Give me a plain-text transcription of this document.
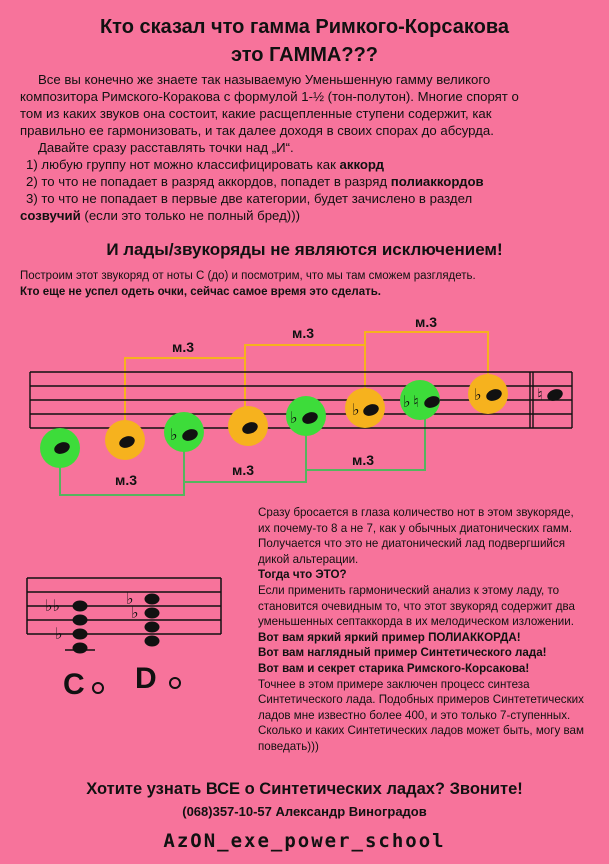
Кто сказал что гамма Римкого-Корсакова
это ГАММА???
Все вы конечно же знаете так называемую Уменьшенную гамму великого
композитора Римского-Коракова с формулой 1-½ (тон-полутон). Многие спорят о
том из каких звуков она состоит, какие расщепленные ступени содержит, как
правильно ее гармонизовать, и так далее доходя в своих спорах до абсурда.
Давайте сразу расставлять точки над „И“.
1) любую группу нот можно классифицировать как аккорд
2) то что не попадает в разряд аккордов, попадет в разряд полиаккордов
3) то что не попадает в первые две категории, будет зачислено в раздел
созвучий (если это только не полный бред)))
И лады/звукоряды не являются исключением!
Построим этот звукоряд от ноты С (до) и посмотрим, что мы там сможем разглядеть.
Кто еще не успел одеть очки, сейчас самое время это сделать.
♭
♭	♭	♭ ♮	♭	♮
м.3
м.3
м.3
м.3
м.3
м.3
♭♭
♭
♭
♭
C D

Сразу бросается в глаза количество нот в этом звукоряде, их почему-то 8 а не 7, как у обычных диатонических гамм. Получается что это не диатонический лад подвергшийся дикой альтерации.

Тогда что ЭТО?

Если применить гармонический анализ к этому ладу, то становится очевидным то, что этот звукоряд содержит два уменьшенных септаккорда в их мелодическом изложении.

Вот вам яркий яркий пример ПОЛИАККОРДА!

Вот вам наглядный пример Синтетического лада!

Вот вам и секрет старика Римского-Корсакова!

Точнее в этом примере заключен процесс синтеза Синтетического лада. Подобных примеров Синтететических ладов мне известно более 400, и это только 7-ступенных. Сколько и каких Синтетических ладов может быть, могу вам поведать)))

Хотите узнать ВСЕ о Синтетических ладах? Звоните!
(068)357-10-57 Александр Виноградов
AzON_exe_power_school
